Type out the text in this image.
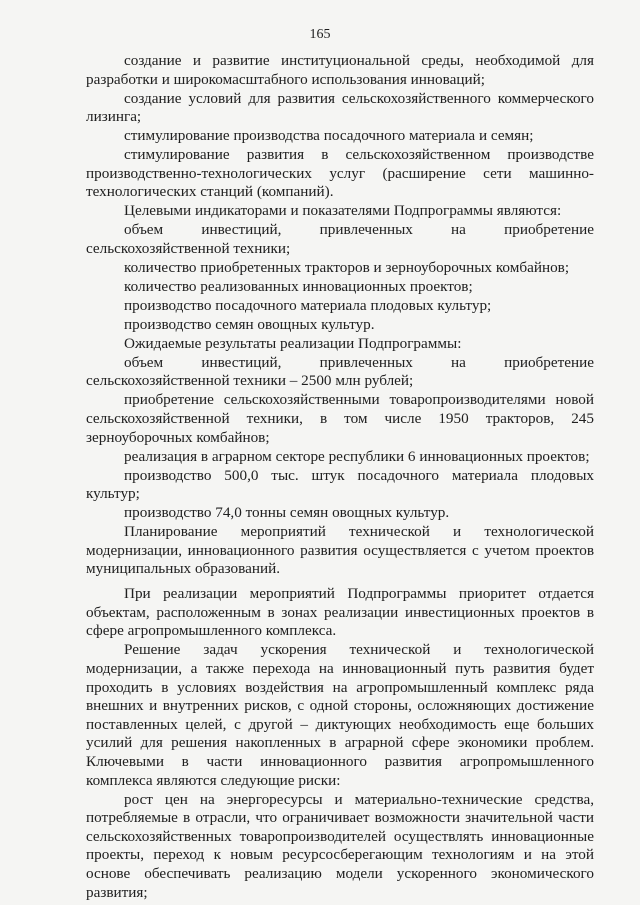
165

создание и развитие институциональной среды, необходимой для разработки и широкомасштабного использования инноваций;

создание условий для развития сельскохозяйственного коммерческого лизинга;

стимулирование производства посадочного материала и семян;

стимулирование развития в сельскохозяйственном производстве производственно-технологических услуг (расширение сети машинно-технологических станций (компаний).

Целевыми индикаторами и показателями Подпрограммы являются:

объем инвестиций, привлеченных на приобретение сельскохозяйственной техники;

количество приобретенных тракторов и зерноуборочных комбайнов;

количество реализованных инновационных проектов;

производство посадочного материала плодовых культур;

производство семян овощных культур.

Ожидаемые результаты реализации Подпрограммы:

объем инвестиций, привлеченных на приобретение сельскохозяйственной техники – 2500 млн рублей;

приобретение сельскохозяйственными товаропроизводителями новой сельскохозяйственной техники, в том числе 1950 тракторов, 245 зерноуборочных комбайнов;

реализация в аграрном секторе республики 6 инновационных проектов;

производство 500,0 тыс. штук посадочного материала плодовых культур;

производство 74,0 тонны семян овощных культур.

Планирование мероприятий технической и технологической модернизации, инновационного развития осуществляется с учетом проектов муниципальных образований.

При реализации мероприятий Подпрограммы приоритет отдается объектам, расположенным в зонах реализации инвестиционных проектов в сфере агропромышленного комплекса.

Решение задач ускорения технической и технологической модернизации, а также перехода на инновационный путь развития будет проходить в условиях воздействия на агропромышленный комплекс ряда внешних и внутренних рисков, с одной стороны, осложняющих достижение поставленных целей, с другой – диктующих необходимость еще больших усилий для решения накопленных в аграрной сфере экономики проблем. Ключевыми в части инновационного развития агропромышленного комплекса являются следующие риски:

рост цен на энергоресурсы и материально-технические средства, потребляемые в отрасли, что ограничивает возможности значительной части сельскохозяйственных товаропроизводителей осуществлять инновационные проекты, переход к новым ресурсосберегающим технологиям и на этой основе обеспечивать реализацию модели ускоренного экономического развития;
